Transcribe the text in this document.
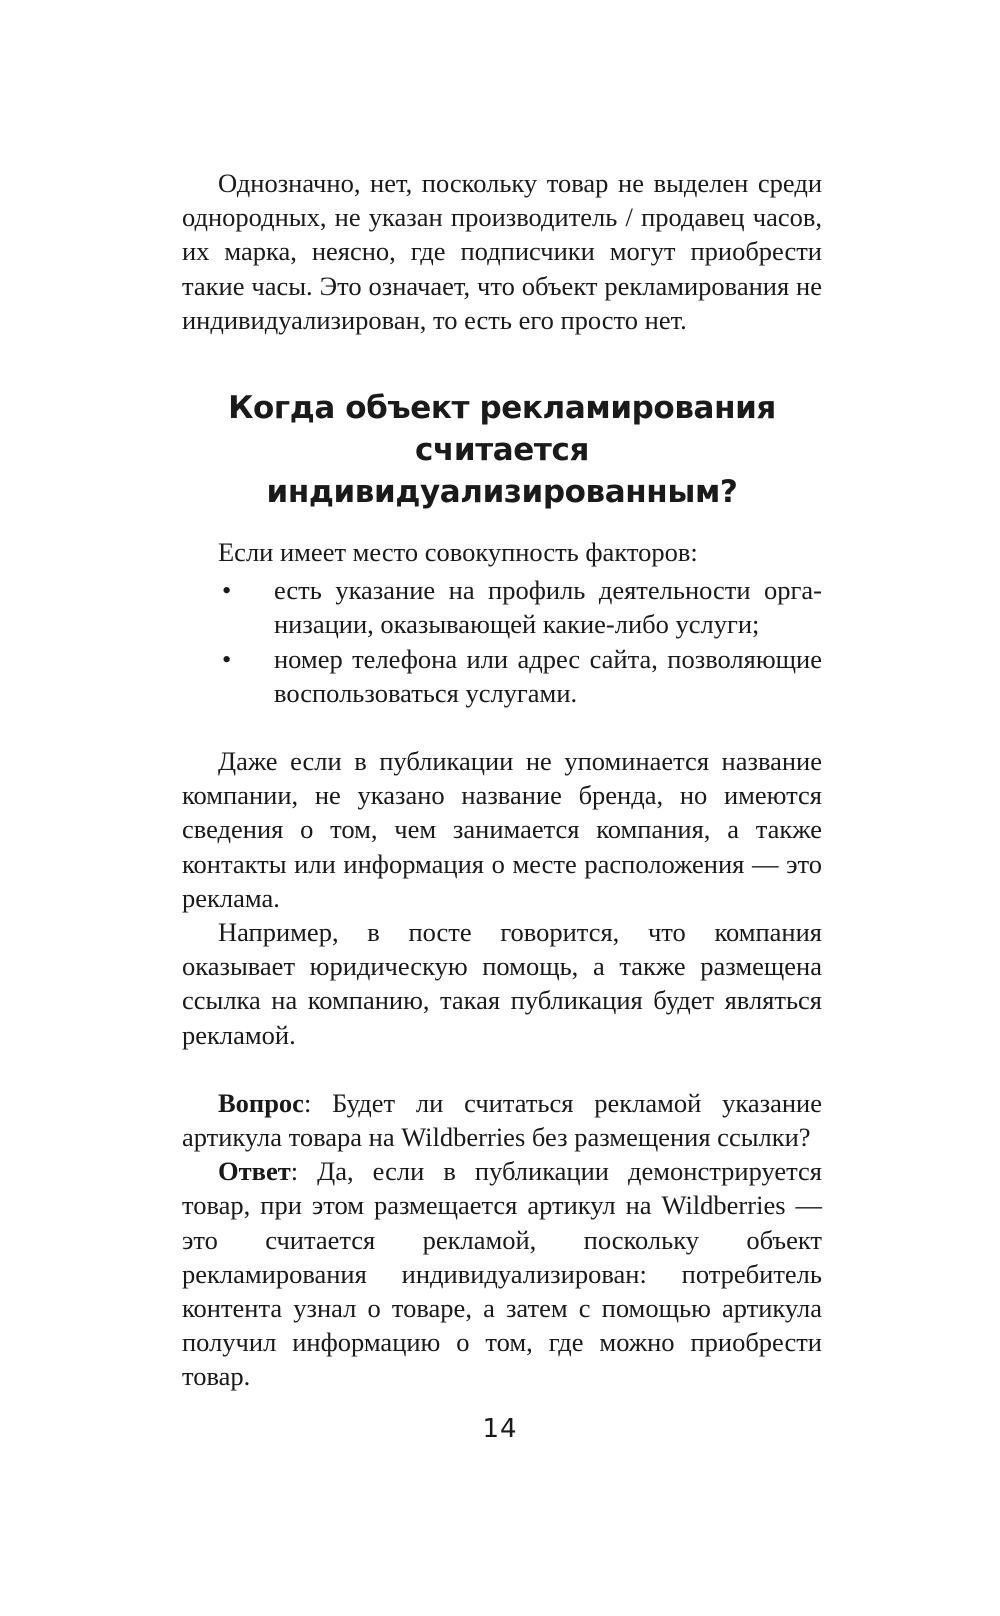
Однозначно, нет, поскольку товар не выделен среди однородных, не указан производитель / продавец часов, их марка, неясно, где подписчики могут приобрести такие часы. Это означает, что объект рекламирования не индивидуализирован, то есть его просто нет.

Когда объект рекламирования
считается индивидуализированным?

Если имеет место совокупность факторов:

• есть указание на профиль деятельности организации, оказывающей какие-либо услуги;
• номер телефона или адрес сайта, позволяющие воспользоваться услугами.

Даже если в публикации не упоминается название компании, не указано название бренда, но имеются сведения о том, чем занимается компания, а также контакты или информация о месте расположения — это реклама.

Например, в посте говорится, что компания оказывает юридическую помощь, а также размещена ссылка на компанию, такая публикация будет являться рекламой.

Вопрос: Будет ли считаться рекламой указание артикула товара на Wildberries без размещения ссылки?

Ответ: Да, если в публикации демонстрируется товар, при этом размещается артикул на Wildberries — это считается рекламой, поскольку объект рекламирования индивидуализирован: потребитель контента узнал о товаре, а затем с помощью артикула получил информацию о том, где можно приобрести товар.

14
